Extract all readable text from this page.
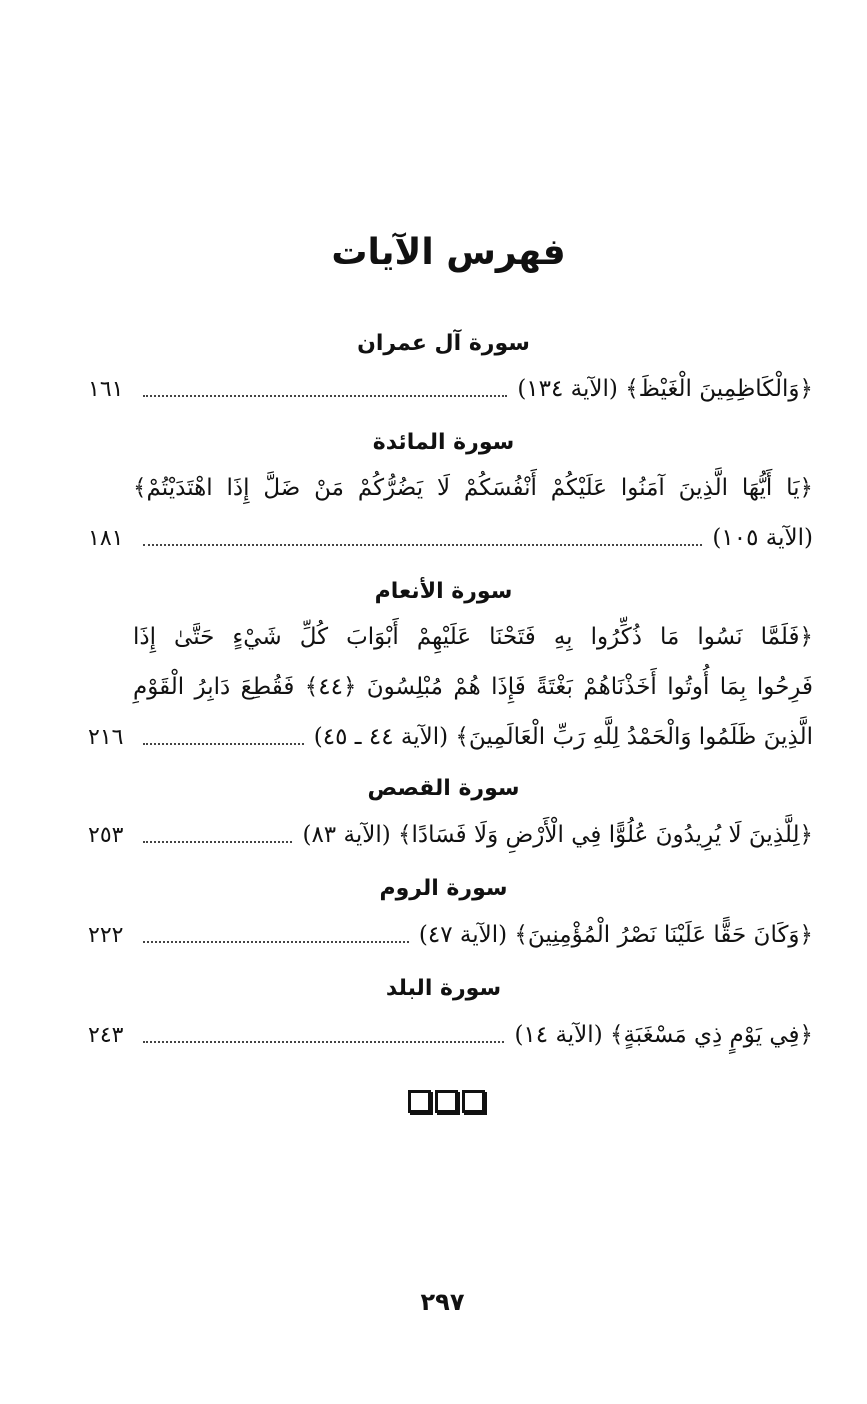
فهرس الآيات
سورة آل عمران
﴿وَالْكَاظِمِينَ الْغَيْظَ﴾ (الآية ١٣٤)
١٦١
سورة المائدة
﴿يَا أَيُّهَا الَّذِينَ آمَنُوا عَلَيْكُمْ أَنْفُسَكُمْ لَا يَضُرُّكُمْ مَنْ ضَلَّ إِذَا اهْتَدَيْتُمْ﴾
(الآية ١٠٥)
١٨١
سورة الأنعام
﴿فَلَمَّا نَسُوا مَا ذُكِّرُوا بِهِ فَتَحْنَا عَلَيْهِمْ أَبْوَابَ كُلِّ شَيْءٍ حَتَّىٰ إِذَا
فَرِحُوا بِمَا أُوتُوا أَخَذْنَاهُمْ بَغْتَةً فَإِذَا هُمْ مُبْلِسُونَ ﴿٤٤﴾ فَقُطِعَ دَابِرُ الْقَوْمِ
الَّذِينَ ظَلَمُوا وَالْحَمْدُ لِلَّهِ رَبِّ الْعَالَمِينَ﴾ (الآية ٤٤ ـ ٤٥)
٢١٦
سورة القصص
﴿لِلَّذِينَ لَا يُرِيدُونَ عُلُوًّا فِي الْأَرْضِ وَلَا فَسَادًا﴾ (الآية ٨٣)
٢٥٣
سورة الروم
﴿وَكَانَ حَقًّا عَلَيْنَا نَصْرُ الْمُؤْمِنِينَ﴾ (الآية ٤٧)
٢٢٢
سورة البلد
﴿فِي يَوْمٍ ذِي مَسْغَبَةٍ﴾ (الآية ١٤)
٢٤٣
٢٩٧
